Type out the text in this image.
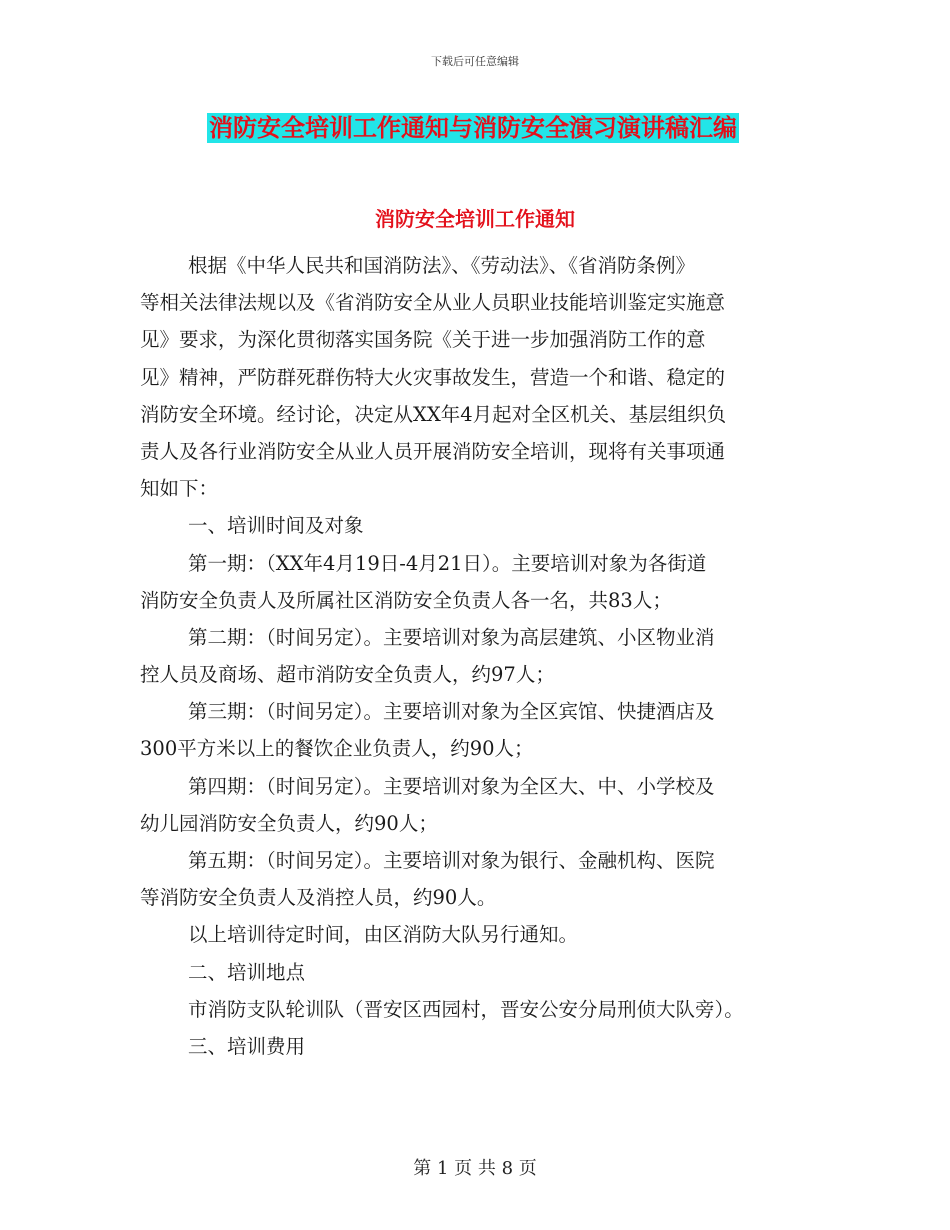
下载后可任意编辑
消防安全培训工作通知与消防安全演习演讲稿汇编
消防安全培训工作通知
根据《中华人民共和国消防法》、《劳动法》、《省消防条例》
等相关法律法规以及《省消防安全从业人员职业技能培训鉴定实施意
见》要求，为深化贯彻落实国务院《关于进一步加强消防工作的意
见》精神，严防群死群伤特大火灾事故发生，营造一个和谐、稳定的
消防安全环境。经讨论，决定从XX年4月起对全区机关、基层组织负
责人及各行业消防安全从业人员开展消防安全培训，现将有关事项通
知如下：
一、培训时间及对象
第一期：（XX年4月19日-4月21日）。主要培训对象为各街道
消防安全负责人及所属社区消防安全负责人各一名，共83人；
第二期：（时间另定）。主要培训对象为高层建筑、小区物业消
控人员及商场、超市消防安全负责人，约97人；
第三期：（时间另定）。主要培训对象为全区宾馆、快捷酒店及
300平方米以上的餐饮企业负责人，约90人；
第四期：（时间另定）。主要培训对象为全区大、中、小学校及
幼儿园消防安全负责人，约90人；
第五期：（时间另定）。主要培训对象为银行、金融机构、医院
等消防安全负责人及消控人员，约90人。
以上培训待定时间，由区消防大队另行通知。
二、培训地点
市消防支队轮训队（晋安区西园村，晋安公安分局刑侦大队旁）。
三、培训费用
第 1 页 共 8 页
